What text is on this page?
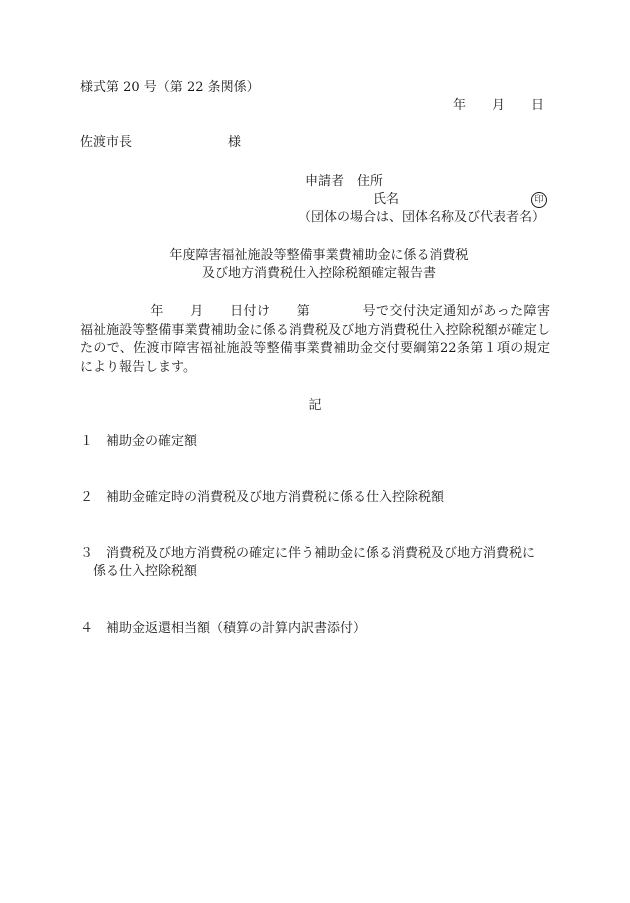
様式第 20 号（第 22 条関係）
年 月 日
佐渡市長	様
申請者 住所
氏名	印
（団体の場合は、団体名称及び代表者名）
年度障害福祉施設等整備事業費補助金に係る消費税
及び地方消費税仕入控除税額確定報告書
年 月 日付け 第	号で交付決定通知があった障害福祉施設等整備事業費補助金に係る消費税及び地方消費税仕入控除税額が確定したので、佐渡市障害福祉施設等整備事業費補助金交付要綱第22条第１項の規定により報告します。
記
１ 補助金の確定額
２ 補助金確定時の消費税及び地方消費税に係る仕入控除税額
３ 消費税及び地方消費税の確定に伴う補助金に係る消費税及び地方消費税に
係る仕入控除税額
４ 補助金返還相当額（積算の計算内訳書添付）
